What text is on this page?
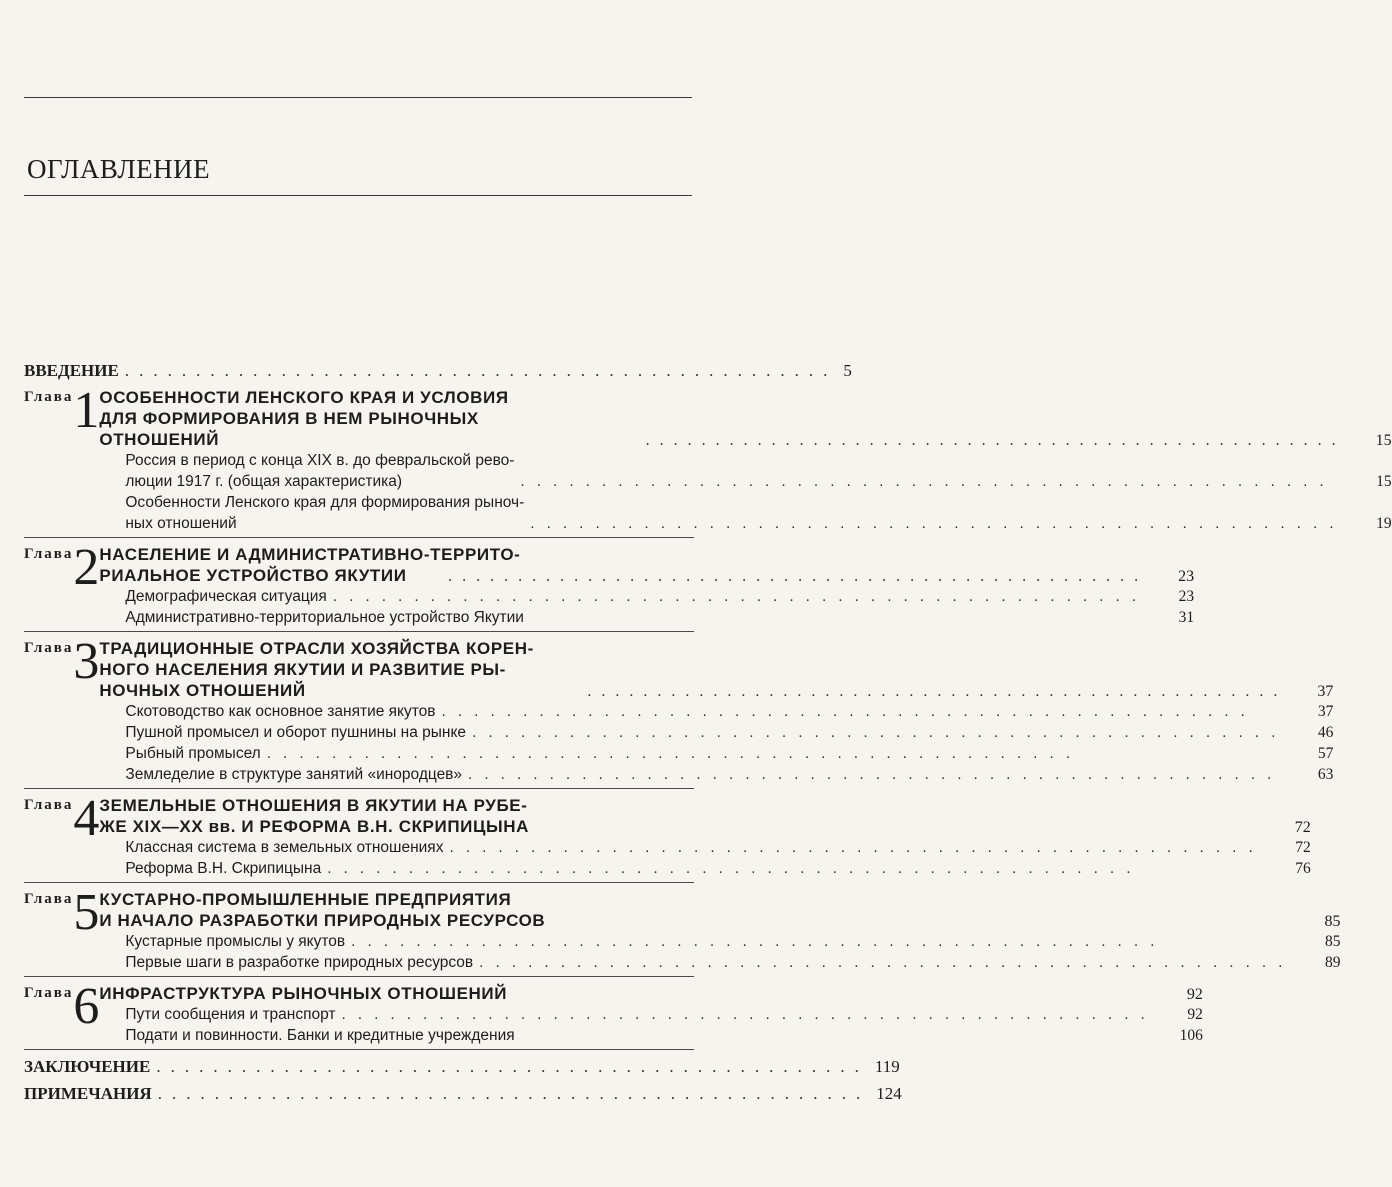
ОГЛАВЛЕНИЕ
ВВЕДЕНИЕ .................................................. 5
Глава 1 ОСОБЕННОСТИ ЛЕНСКОГО КРАЯ И УСЛОВИЯ
ДЛЯ ФОРМИРОВАНИЯ В НЕМ РЫНОЧНЫХ
ОТНОШЕНИЙ	..................................................	15
Россия в период с конца XIX в. до февральской рево-
люции 1917 г. (общая характеристика)	..................................................	15
Особенности Ленского края для формирования рыноч-
ных отношений	..................................................	19
Глава 2 НАСЕЛЕНИЕ И АДМИНИСТРАТИВНО-ТЕРРИТО-
РИАЛЬНОЕ УСТРОЙСТВО ЯКУТИИ	..................................................	23
Демографическая ситуация ..................................................	23
Административно-территориальное устройство Якутии	31
Глава 3 ТРАДИЦИОННЫЕ ОТРАСЛИ ХОЗЯЙСТВА КОРЕН-
НОГО НАСЕЛЕНИЯ ЯКУТИИ И РАЗВИТИЕ РЫ-
НОЧНЫХ ОТНОШЕНИЙ	..................................................	37
Скотоводство как основное занятие якутов ..................................................	37
Пушной промысел и оборот пушнины на рынке ..................................................	46
Рыбный промысел ..................................................	57
Земледелие в структуре занятий «инородцев» ..................................................	63
Глава 4 ЗЕМЕЛЬНЫЕ ОТНОШЕНИЯ В ЯКУТИИ НА РУБЕ-
ЖЕ XIX—XX вв. И РЕФОРМА В.Н. СКРИПИЦЫНА	72
Классная система в земельных отношениях ..................................................	72
Реформа В.Н. Скрипицына ..................................................	76
Глава 5 КУСТАРНО-ПРОМЫШЛЕННЫЕ ПРЕДПРИЯТИЯ
И НАЧАЛО РАЗРАБОТКИ ПРИРОДНЫХ РЕСУРСОВ	85
Кустарные промыслы у якутов ..................................................	85
Первые шаги в разработке природных ресурсов ..................................................	89
Глава 6 ИНФРАСТРУКТУРА РЫНОЧНЫХ ОТНОШЕНИЙ	92
Пути сообщения и транспорт ..................................................	92
Подати и повинности. Банки и кредитные учреждения	106
ЗАКЛЮЧЕНИЕ .................................................. 119
ПРИМЕЧАНИЯ .................................................. 124
